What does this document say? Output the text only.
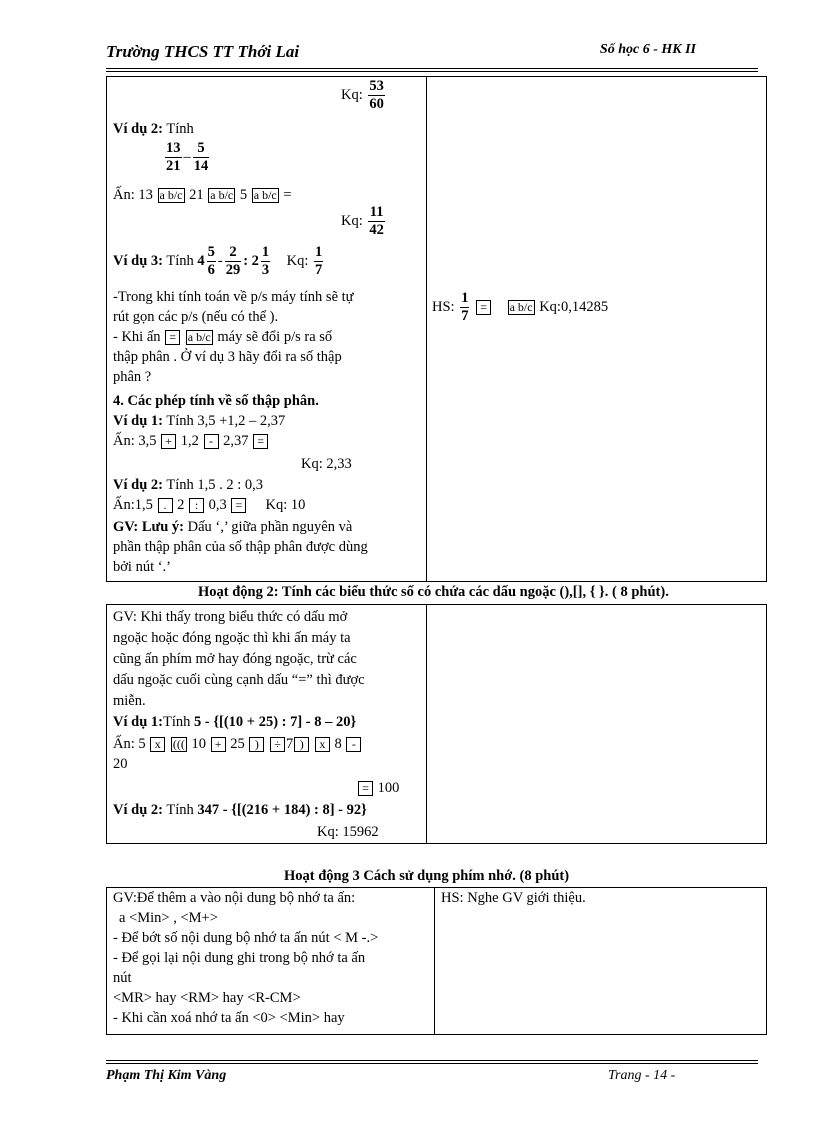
Trường THCS TT Thới Lai	Số học 6 - HK II
Kq: $\frac{53}{60}$
Ví dụ 2: Tính
$\frac{13}{21} - \frac{5}{14}$
Ấn: 13 a b/c 21 a b/c 5 a b/c =
Kq: $\frac{11}{42}$
Ví dụ 3: Tính $4 \frac{5}{6} - \frac{2}{29}$ : $2 \frac{1}{3} Kq$: $\frac{1}{7}$
-Trong khi tính toán về p/s máy tính sẽ tự
rút gọn các p/s (nếu có thể ).
- Khi ấn = a b/c máy sẽ đổi p/s ra số
thập phân . Ở ví dụ 3 hãy đổi ra số thập
phân ?
4. Các phép tính về số thập phân.
Ví dụ 1: Tính 3,5 +1,2 – 2,37
Ấn: 3,5 + 1,2 - 2,37 =
Kq: 2,33
Ví dụ 2: Tính 1,5 . 2 : 0,3
Ấn:1,5 . 2 : 0,3 = Kq: 10
GV: Lưu ý: Dấu ‘,’ giữa phần nguyên và
phần thập phân của số thập phân được dùng
bởi nút ‘.’
HS: $\frac{1}{7} = a$ b/c Kq:0,14285
Hoạt động 2: Tính các biểu thức số có chứa các dấu ngoặc (),[], { }. ( 8 phút).
GV: Khi thấy trong biểu thức có dấu mở
ngoặc hoặc đóng ngoặc thì khi ấn máy ta
cũng ấn phím mở hay đóng ngoặc, trừ các
dấu ngoặc cuối cùng cạnh dấu “=” thì được
miễn.
Ví dụ 1:Tính 5 - {[(10 + 25) : 7] - 8 – 20}
Ấn: 5 x ((( 10 + 25 ) ÷ 7 ) x 8 -
20
= 100
Ví dụ 2: Tính 347 - {[(216 + 184) : 8] - 92}
Kq: 15962
Hoạt động 3 Cách sử dụng phím nhớ. (8 phút)
GV:Để thêm a vào nội dung bộ nhớ ta ấn:
a <Min> , <M+>
- Để bớt số nội dung bộ nhớ ta ấn nút < M -.>
- Để gọi lại nội dung ghi trong bộ nhớ ta ấn
nút
<MR> hay <RM> hay <R-CM>
- Khi cần xoá nhớ ta ấn <0> <Min> hay
HS: Nghe GV giới thiệu.
Phạm Thị Kim Vàng	Trang - 14 -
